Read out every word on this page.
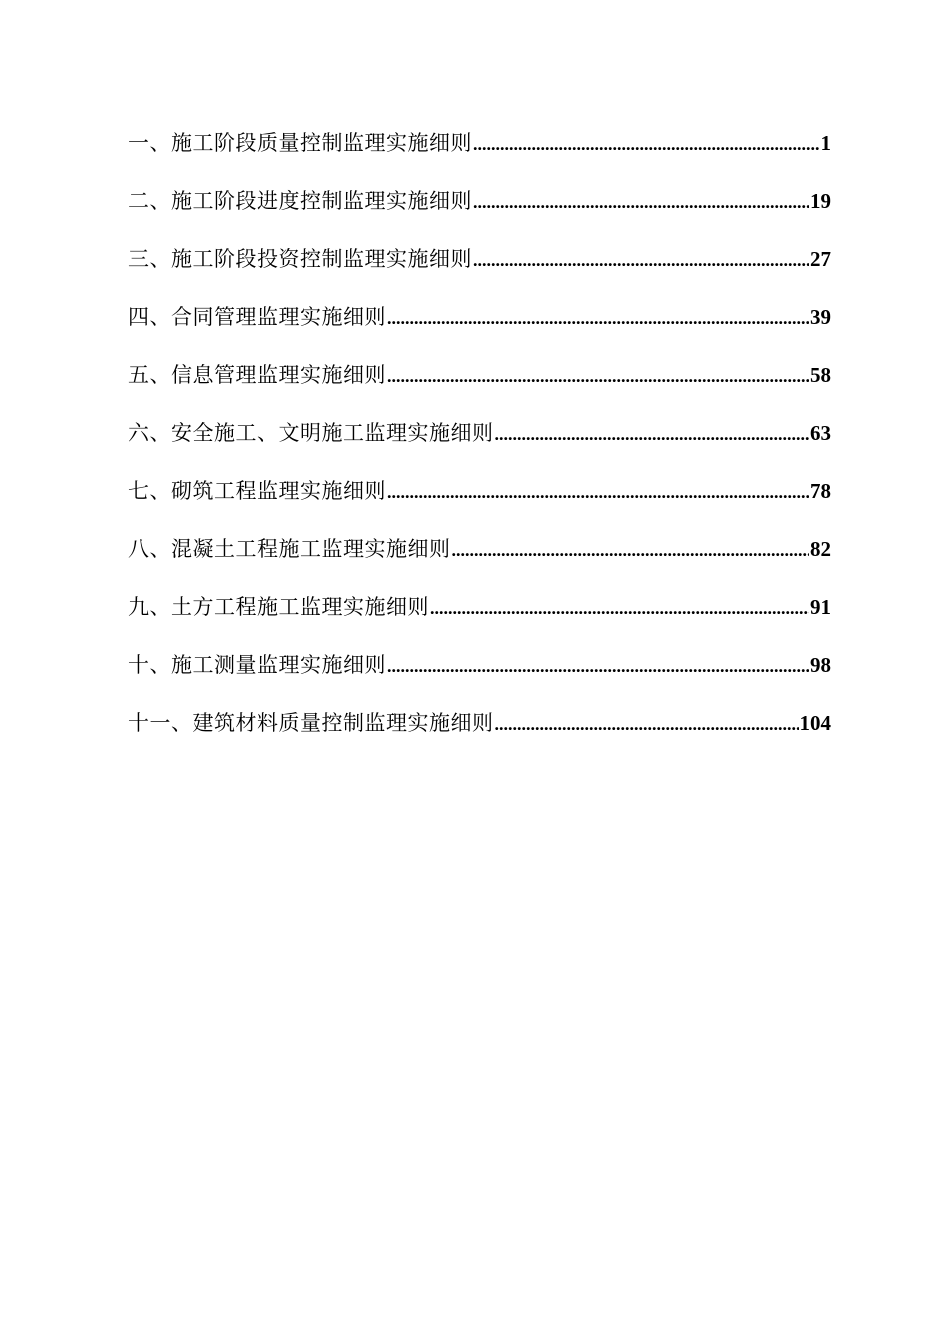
一、施工阶段质量控制监理实施细则 .....	1
二、施工阶段进度控制监理实施细则 .....	19
三、施工阶段投资控制监理实施细则 .....	27
四、合同管理监理实施细则 .....	39
五、信息管理监理实施细则 .....	58
六、安全施工、文明施工监理实施细则 .....	63
七、砌筑工程监理实施细则 .....	78
八、混凝土工程施工监理实施细则 .....	82
九、土方工程施工监理实施细则 .....	91
十、施工测量监理实施细则 .....	98
十一、建筑材料质量控制监理实施细则 .....	104
